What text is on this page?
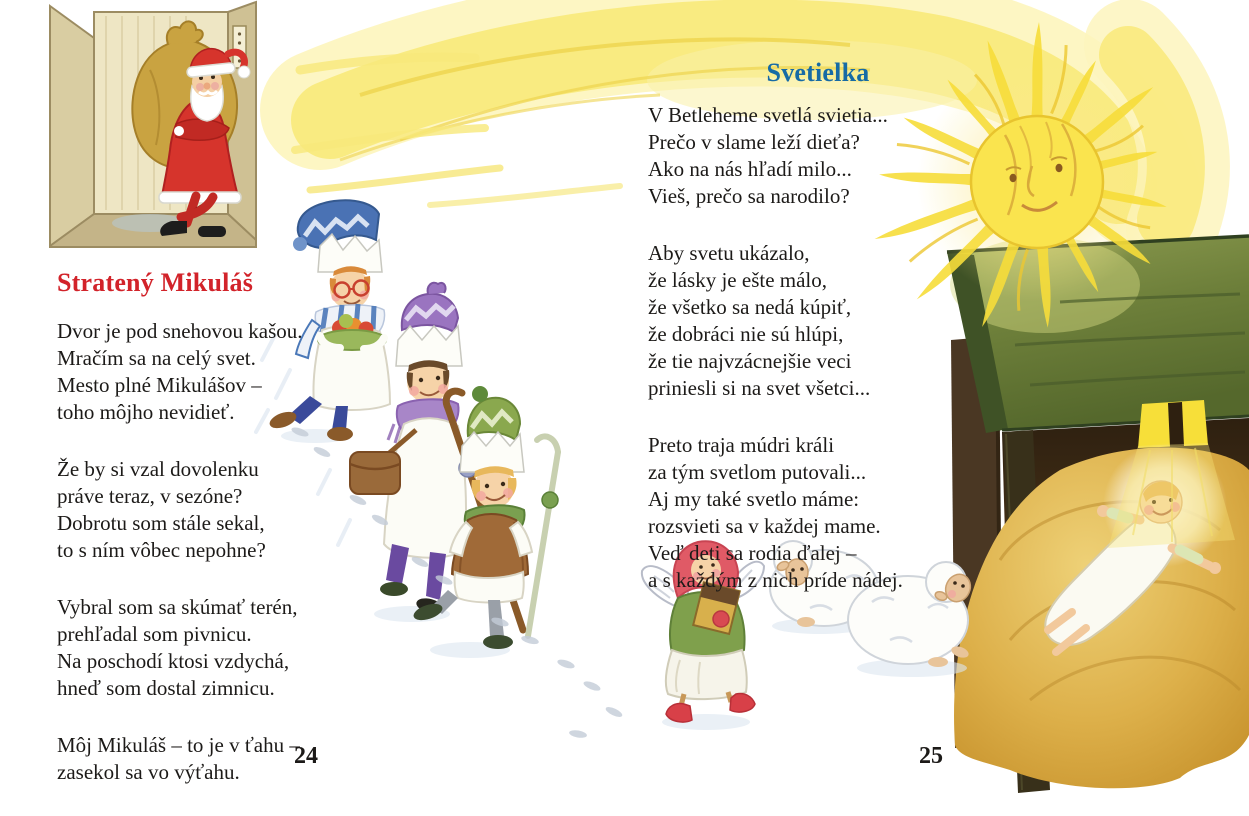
Stratený Mikuláš
Dvor je pod snehovou kašou.
Mračím sa na celý svet.
Mesto plné Mikulášov –
toho môjho nevidieť.
Že by si vzal dovolenku
práve teraz, v sezóne?
Dobrotu som stále sekal,
to s ním vôbec nepohne?
Vybral som sa skúmať terén,
prehľadal som pivnicu.
Na poschodí ktosi vzdychá,
hneď som dostal zimnicu.
Môj Mikuláš – to je v ťahu –
zasekol sa vo výťahu.
Svetielka
V Betleheme svetlá svietia...
Prečo v slame leží dieťa?
Ako na nás hľadí milo...
Vieš, prečo sa narodilo?
Aby svetu ukázalo,
že lásky je ešte málo,
že všetko sa nedá kúpiť,
že dobráci nie sú hlúpi,
že tie najvzácnejšie veci
priniesli si na svet všetci...
Preto traja múdri králi
za tým svetlom putovali...
Aj my také svetlo máme:
rozsvieti sa v každej mame.
Veď deti sa rodia ďalej –
a s každým z nich príde nádej.
24	25
